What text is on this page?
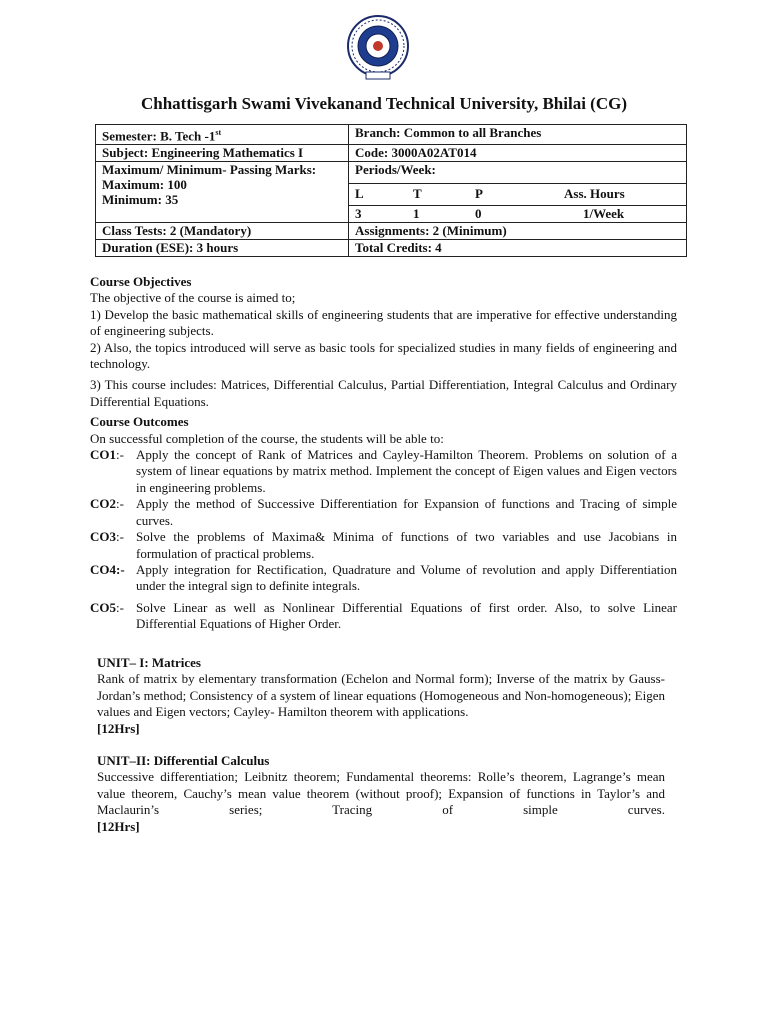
Chhattisgarh Swami Vivekanand Technical University, Bhilai (CG)
Semester: B. Tech -1st	Branch: Common to all Branches
Subject: Engineering Mathematics I	Code: 3000A02AT014

Maximum/ Minimum- Passing Marks:
Maximum: 100
Minimum: 35	Periods/Week:

	L T P Ass. Hours

	3 1 0 1/Week

Class Tests: 2 (Mandatory)	Assignments: 2 (Minimum)
Duration (ESE): 3 hours	Total Credits: 4

Course Objectives

The objective of the course is aimed to;

1) Develop the basic mathematical skills of engineering students that are imperative for effective understanding of engineering subjects.

2) Also, the topics introduced will serve as basic tools for specialized studies in many fields of engineering and technology.

3) This course includes: Matrices, Differential Calculus, Partial Differentiation, Integral Calculus and Ordinary Differential Equations.

Course Outcomes

On successful completion of the course, the students will be able to:

CO1:- Apply the concept of Rank of Matrices and Cayley-Hamilton Theorem. Problems on solution of a system of linear equations by matrix method. Implement the concept of Eigen values and Eigen vectors in engineering problems.
CO2:- Apply the method of Successive Differentiation for Expansion of functions and Tracing of simple curves.
CO3:- Solve the problems of Maxima& Minima of functions of two variables and use Jacobians in formulation of practical problems.
CO4:- Apply integration for Rectification, Quadrature and Volume of revolution and apply Differentiation under the integral sign to definite integrals.
CO5:- Solve Linear as well as Nonlinear Differential Equations of first order. Also, to solve Linear Differential Equations of Higher Order.

UNIT– I: Matrices

Rank of matrix by elementary transformation (Echelon and Normal form); Inverse of the matrix by Gauss-Jordan’s method; Consistency of a system of linear equations (Homogeneous and Non-homogeneous); Eigen values and Eigen vectors; Cayley- Hamilton theorem with applications.

[12Hrs]

UNIT–II: Differential Calculus

Successive differentiation; Leibnitz theorem; Fundamental theorems: Rolle’s theorem, Lagrange’s mean value theorem, Cauchy’s mean value theorem (without proof); Expansion of functions in Taylor’s and Maclaurin’s series; Tracing of simple curves.

[12Hrs]
